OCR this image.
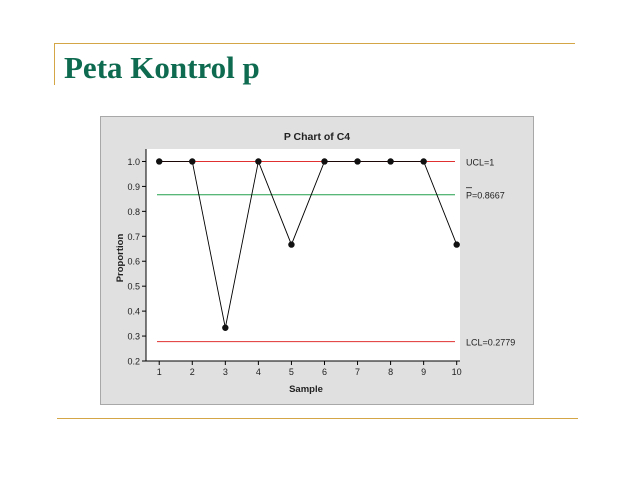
Peta Kontrol p
P Chart of C4
0.2
0.3
0.4
0.5
0.6
0.7
0.8
0.9
1.0
1	2	3	4	5	6	7	8	9	10
UCL=1
P=0.8667
LCL=0.2779
Sample
Proportion
